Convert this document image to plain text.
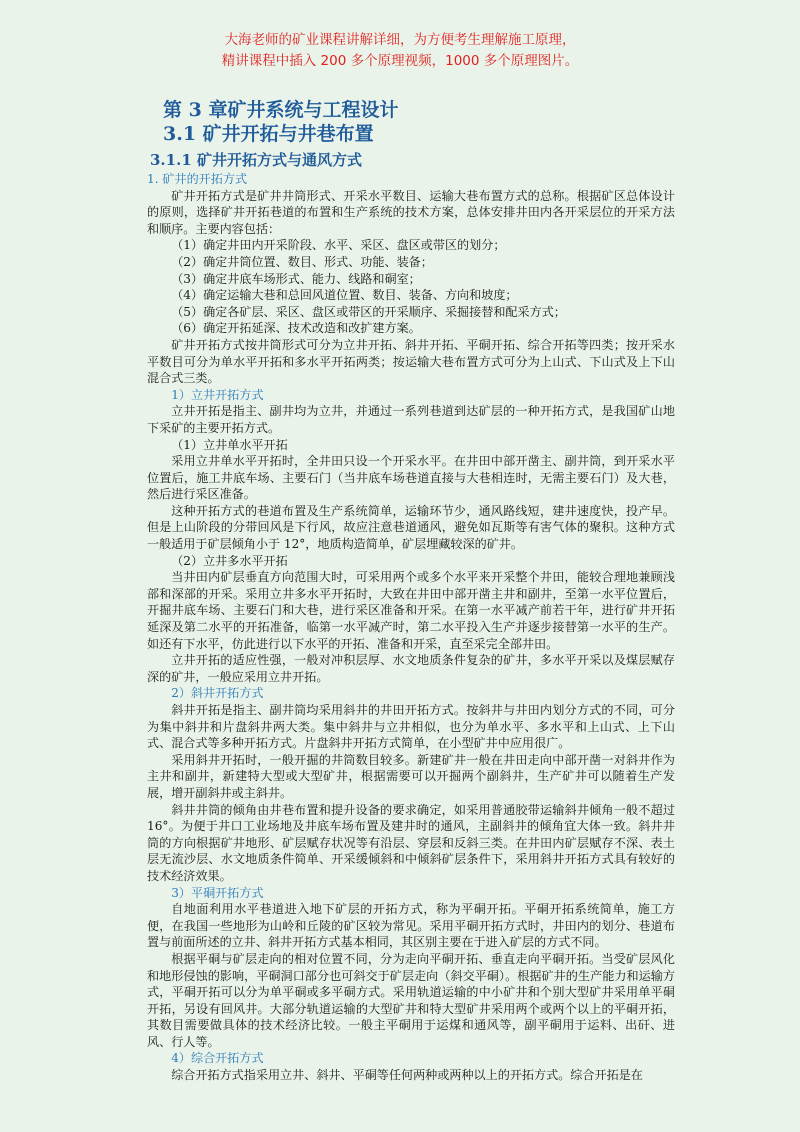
大海老师的矿业课程讲解详细，为方便考生理解施工原理，
精讲课程中插入 200 多个原理视频，1000 多个原理图片。
第 3 章矿井系统与工程设计
3.1 矿井开拓与井巷布置
3.1.1 矿井开拓方式与通风方式

1. 矿井的开拓方式

矿井开拓方式是矿井井筒形式、开采水平数目、运输大巷布置方式的总称。根据矿区总体设计的原则，选择矿井开拓巷道的布置和生产系统的技术方案，总体安排井田内各开采层位的开采方法和顺序。主要内容包括：

（1）确定井田内开采阶段、水平、采区、盘区或带区的划分；

（2）确定井筒位置、数目、形式、功能、装备；

（3）确定井底车场形式、能力、线路和硐室；

（4）确定运输大巷和总回风道位置、数目、装备、方向和坡度；

（5）确定各矿层、采区、盘区或带区的开采顺序、采掘接替和配采方式；

（6）确定开拓延深、技术改造和改扩建方案。

矿井开拓方式按井筒形式可分为立井开拓、斜井开拓、平硐开拓、综合开拓等四类；按开采水平数目可分为单水平开拓和多水平开拓两类；按运输大巷布置方式可分为上山式、下山式及上下山混合式三类。

1）立井开拓方式

立井开拓是指主、副井均为立井，并通过一系列巷道到达矿层的一种开拓方式，是我国矿山地下采矿的主要开拓方式。

（1）立井单水平开拓

采用立井单水平开拓时，全井田只设一个开采水平。在井田中部开凿主、副井筒，到开采水平位置后，施工井底车场、主要石门（当井底车场巷道直接与大巷相连时，无需主要石门）及大巷，然后进行采区准备。

这种开拓方式的巷道布置及生产系统简单，运输环节少，通风路线短，建井速度快，投产早。但是上山阶段的分带回风是下行风，故应注意巷道通风，避免如瓦斯等有害气体的聚积。这种方式一般适用于矿层倾角小于 12°，地质构造简单，矿层埋藏较深的矿井。

（2）立井多水平开拓

当井田内矿层垂直方向范围大时，可采用两个或多个水平来开采整个井田，能较合理地兼顾浅部和深部的开采。采用立井多水平开拓时，大致在井田中部开凿主井和副井，至第一水平位置后，开掘井底车场、主要石门和大巷，进行采区准备和开采。在第一水平减产前若干年，进行矿井开拓延深及第二水平的开拓准备，临第一水平减产时，第二水平投入生产并逐步接替第一水平的生产。如还有下水平，仿此进行以下水平的开拓、准备和开采，直至采完全部井田。

立井开拓的适应性强，一般对冲积层厚、水文地质条件复杂的矿井，多水平开采以及煤层赋存深的矿井，一般应采用立井开拓。

2）斜井开拓方式

斜井开拓是指主、副井筒均采用斜井的井田开拓方式。按斜井与井田内划分方式的不同，可分为集中斜井和片盘斜井两大类。集中斜井与立井相似，也分为单水平、多水平和上山式、上下山式、混合式等多种开拓方式。片盘斜井开拓方式简单，在小型矿井中应用很广。

采用斜井开拓时，一般开掘的井筒数目较多。新建矿井一般在井田走向中部开凿一对斜井作为主井和副井，新建特大型或大型矿井，根据需要可以开掘两个副斜井，生产矿井可以随着生产发展，增开副斜井或主斜井。

斜井井筒的倾角由井巷布置和提升设备的要求确定，如采用普通胶带运输斜井倾角一般不超过 16°。为便于井口工业场地及井底车场布置及建井时的通风，主副斜井的倾角宜大体一致。斜井井筒的方向根据矿井地形、矿层赋存状况等有沿层、穿层和反斜三类。在井田内矿层赋存不深、表土层无流沙层、水文地质条件简单、开采缓倾斜和中倾斜矿层条件下，采用斜井开拓方式具有较好的技术经济效果。

3）平硐开拓方式

自地面利用水平巷道进入地下矿层的开拓方式，称为平硐开拓。平硐开拓系统简单，施工方便，在我国一些地形为山岭和丘陵的矿区较为常见。采用平硐开拓方式时，井田内的划分、巷道布置与前面所述的立井、斜井开拓方式基本相同，其区别主要在于进入矿层的方式不同。

根据平硐与矿层走向的相对位置不同，分为走向平硐开拓、垂直走向平硐开拓。当受矿层风化和地形侵蚀的影响，平硐洞口部分也可斜交于矿层走向（斜交平硐）。根据矿井的生产能力和运输方式，平硐开拓可以分为单平硐或多平硐方式。采用轨道运输的中小矿井和个别大型矿井采用单平硐开拓，另设有回风井。大部分轨道运输的大型矿井和特大型矿井采用两个或两个以上的平硐开拓，其数目需要做具体的技术经济比较。一般主平硐用于运煤和通风等，副平硐用于运料、出矸、进风、行人等。

4）综合开拓方式

综合开拓方式指采用立井、斜井、平硐等任何两种或两种以上的开拓方式。综合开拓是在
